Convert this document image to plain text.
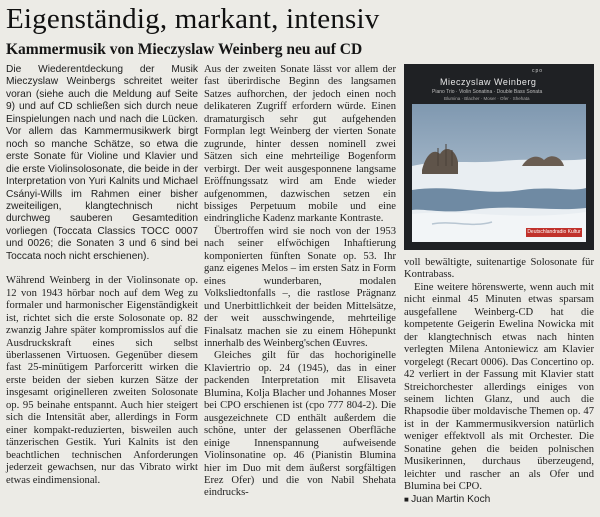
Eigenständig, markant, intensiv
Kammermusik von Mieczyslaw Weinberg neu auf CD

Die Wiederentdeckung der Musik Mieczyslaw Weinbergs schreitet weiter voran (siehe auch die Meldung auf Seite 9) und auf CD schließen sich durch neue Einspielungen nach und nach die Lücken. Vor allem das Kammermusikwerk birgt noch so manche Schätze, so etwa die erste Sonate für Violine und Klavier und die erste Violinsolosonate, die beide in der Interpretation von Yuri Kalnits und Michael Csányi-Wills im Rahmen einer bisher zweiteiligen, klangtechnisch nicht durchweg sauberen Gesamtedition vorliegen (Toccata Classics TOCC 0007 und 0026; die Sonaten 3 und 6 sind bei Toccata noch nicht erschienen).

Während Weinberg in der Violinsonate op. 12 von 1943 hörbar noch auf dem Weg zu formaler und harmonischer Eigenständigkeit ist, richtet sich die erste Solosonate op. 82 zwanzig Jahre später kompromisslos auf die Ausdruckskraft eines sich selbst überlassenen Virtuosen. Gegenüber diesem fast 25-minütigem Parforceritt wirken die erste beiden der sieben kurzen Sätze der insgesamt originelleren zweiten Solosonate op. 95 beinahe entspannt. Auch hier steigert sich die Intensität aber, allerdings in Form einer kompakt-reduzierten, bisweilen auch tänzerischen Gestik. Yuri Kalnits ist den beachtlichen technischen Anforderungen jederzeit gewachsen, nur das Vibrato wirkt etwas eindimensional.

Aus der zweiten Sonate lässt vor allem der fast überirdische Beginn des langsamen Satzes aufhorchen, der jedoch einen noch delikateren Zugriff erfordern würde. Einen dramaturgisch sehr gut aufgehenden Formplan legt Weinberg der vierten Sonate zugrunde, hinter dessen nominell zwei Sätzen sich eine mehrteilige Bogenform verbirgt. Der weit ausgesponnene langsame Eröffnungssatz wird am Ende wieder aufgenommen, dazwischen setzen ein bissiges Perpetuum mobile und eine eindringliche Kadenz markante Kontraste.

Übertroffen wird sie noch von der 1953 nach seiner elfwöchigen Inhaftierung komponierten fünften Sonate op. 53. Ihr ganz eigenes Melos – im ersten Satz in Form eines wunderbaren, modalen Volksliedtonfalls –, die rastlose Prägnanz und Unerbittlichkeit der beiden Mittelsätze, der weit ausschwingende, mehrteilige Finalsatz machen sie zu einem Höhepunkt innerhalb des Weinberg'schen Œuvres.

Gleiches gilt für das hochoriginelle Klaviertrio op. 24 (1945), das in einer packenden Interpretation mit Elisaveta Blumina, Kolja Blacher und Johannes Moser bei CPO erschienen ist (cpo 777 804-2). Die ausgezeichnete CD enthält außerdem die schöne, unter der gelassenen Oberfläche einige Innenspannung aufweisende Violinsonatine op. 46 (Pianistin Blumina hier im Duo mit dem äußerst sorgfältigen Erez Ofer) und die von Nabil Shehata eindrucks-

cpo
Mieczyslaw Weinberg
Piano Trio · Violin Sonatina · Double Bass Sonata
Blumina · Blacher · Moser · Ofer · Shehata
Deutschlandradio Kultur

voll bewältigte, suitenartige Solosonate für Kontrabass.

Eine weitere hörenswerte, wenn auch mit nicht einmal 45 Minuten etwas sparsam ausgefallene Weinberg-CD hat die kompetente Geigerin Ewelina Nowicka mit der klangtechnisch etwas nach hinten verlegten Milena Antoniewicz am Klavier vorgelegt (Recart 0006). Das Concertino op. 42 verliert in der Fassung mit Klavier statt Streichorchester allerdings einiges von seinem lichten Glanz, und auch die Rhapsodie über moldavische Themen op. 47 ist in der Kammermusikversion natürlich weniger effektvoll als mit Orchester. Die Sonatine gehen die beiden polnischen Musikerinnen, durchaus überzeugend, leichter und rascher an als Ofer und Blumina bei CPO.

■ Juan Martin Koch
